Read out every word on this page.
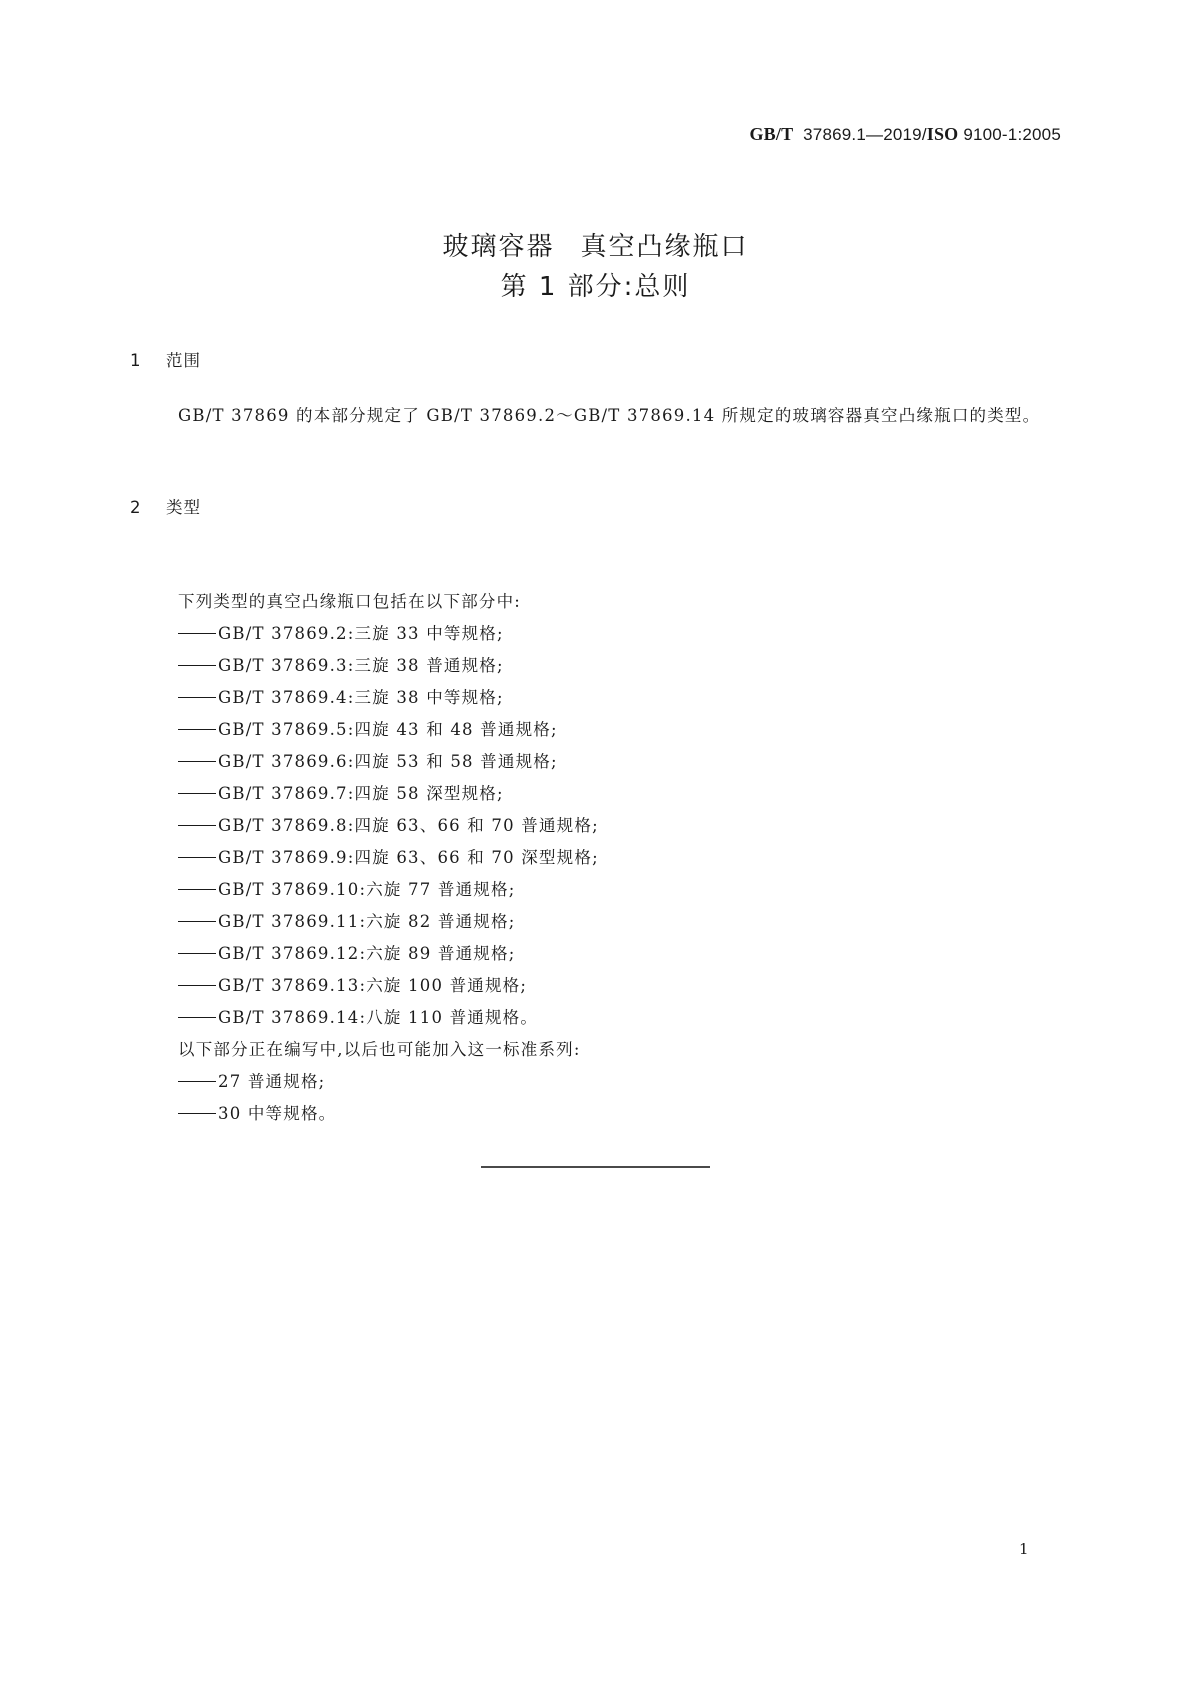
GB/T 37869.1—2019/ISO 9100-1:2005
玻璃容器 真空凸缘瓶口
第 1 部分:总则
1 范围
GB/T 37869 的本部分规定了 GB/T 37869.2～GB/T 37869.14 所规定的玻璃容器真空凸缘瓶口的类型。
2 类型
下列类型的真空凸缘瓶口包括在以下部分中:
GB/T 37869.2:三旋 33 中等规格;
GB/T 37869.3:三旋 38 普通规格;
GB/T 37869.4:三旋 38 中等规格;
GB/T 37869.5:四旋 43 和 48 普通规格;
GB/T 37869.6:四旋 53 和 58 普通规格;
GB/T 37869.7:四旋 58 深型规格;
GB/T 37869.8:四旋 63、66 和 70 普通规格;
GB/T 37869.9:四旋 63、66 和 70 深型规格;
GB/T 37869.10:六旋 77 普通规格;
GB/T 37869.11:六旋 82 普通规格;
GB/T 37869.12:六旋 89 普通规格;
GB/T 37869.13:六旋 100 普通规格;
GB/T 37869.14:八旋 110 普通规格。
以下部分正在编写中,以后也可能加入这一标准系列:
27 普通规格;
30 中等规格。
1
